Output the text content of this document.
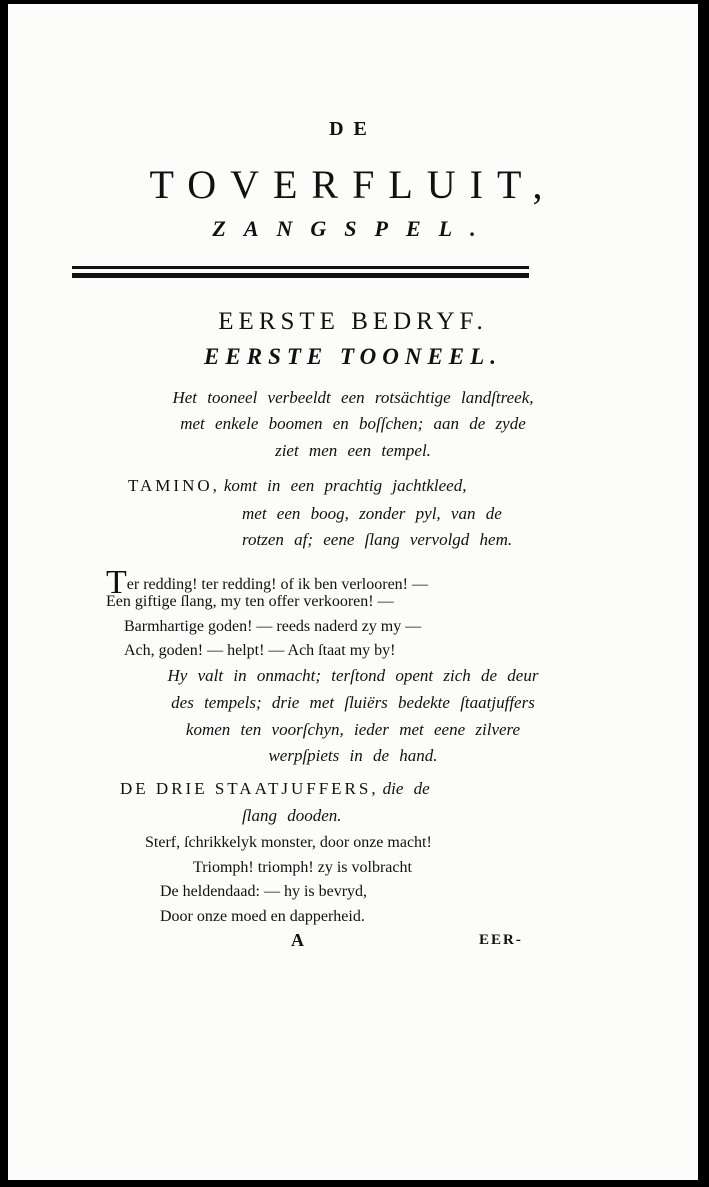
DE
TOVERFLUIT,
ZANGSPEL.
EERSTE BEDRYF.
EERSTE TOONEEL.
Het tooneel verbeeldt een rotsächtige landſtreek,
met enkele boomen en boſſchen; aan de zyde
ziet men een tempel.
TAMINO, komt in een prachtig jachtkleed,
met een boog, zonder pyl, van de
rotzen af; eene ſlang vervolgd hem.
Ter redding! ter redding! of ik ben verlooren! —
Een giftige ſlang, my ten offer verkooren! —
Barmhartige goden! — reeds naderd zy my —
Ach, goden! — helpt! — Ach ſtaat my by!
Hy valt in onmacht; terſtond opent zich de deur
des tempels; drie met ſluiërs bedekte ſtaatjuffers
komen ten voorſchyn, ieder met eene zilvere
werpſpiets in de hand.
DE DRIE STAATJUFFERS, die de
ſlang dooden.
Sterf, ſchrikkelyk monster, door onze macht!
Triomph! triomph! zy is volbracht
De heldendaad: — hy is bevryd,
Door onze moed en dapperheid.
A	EER-
